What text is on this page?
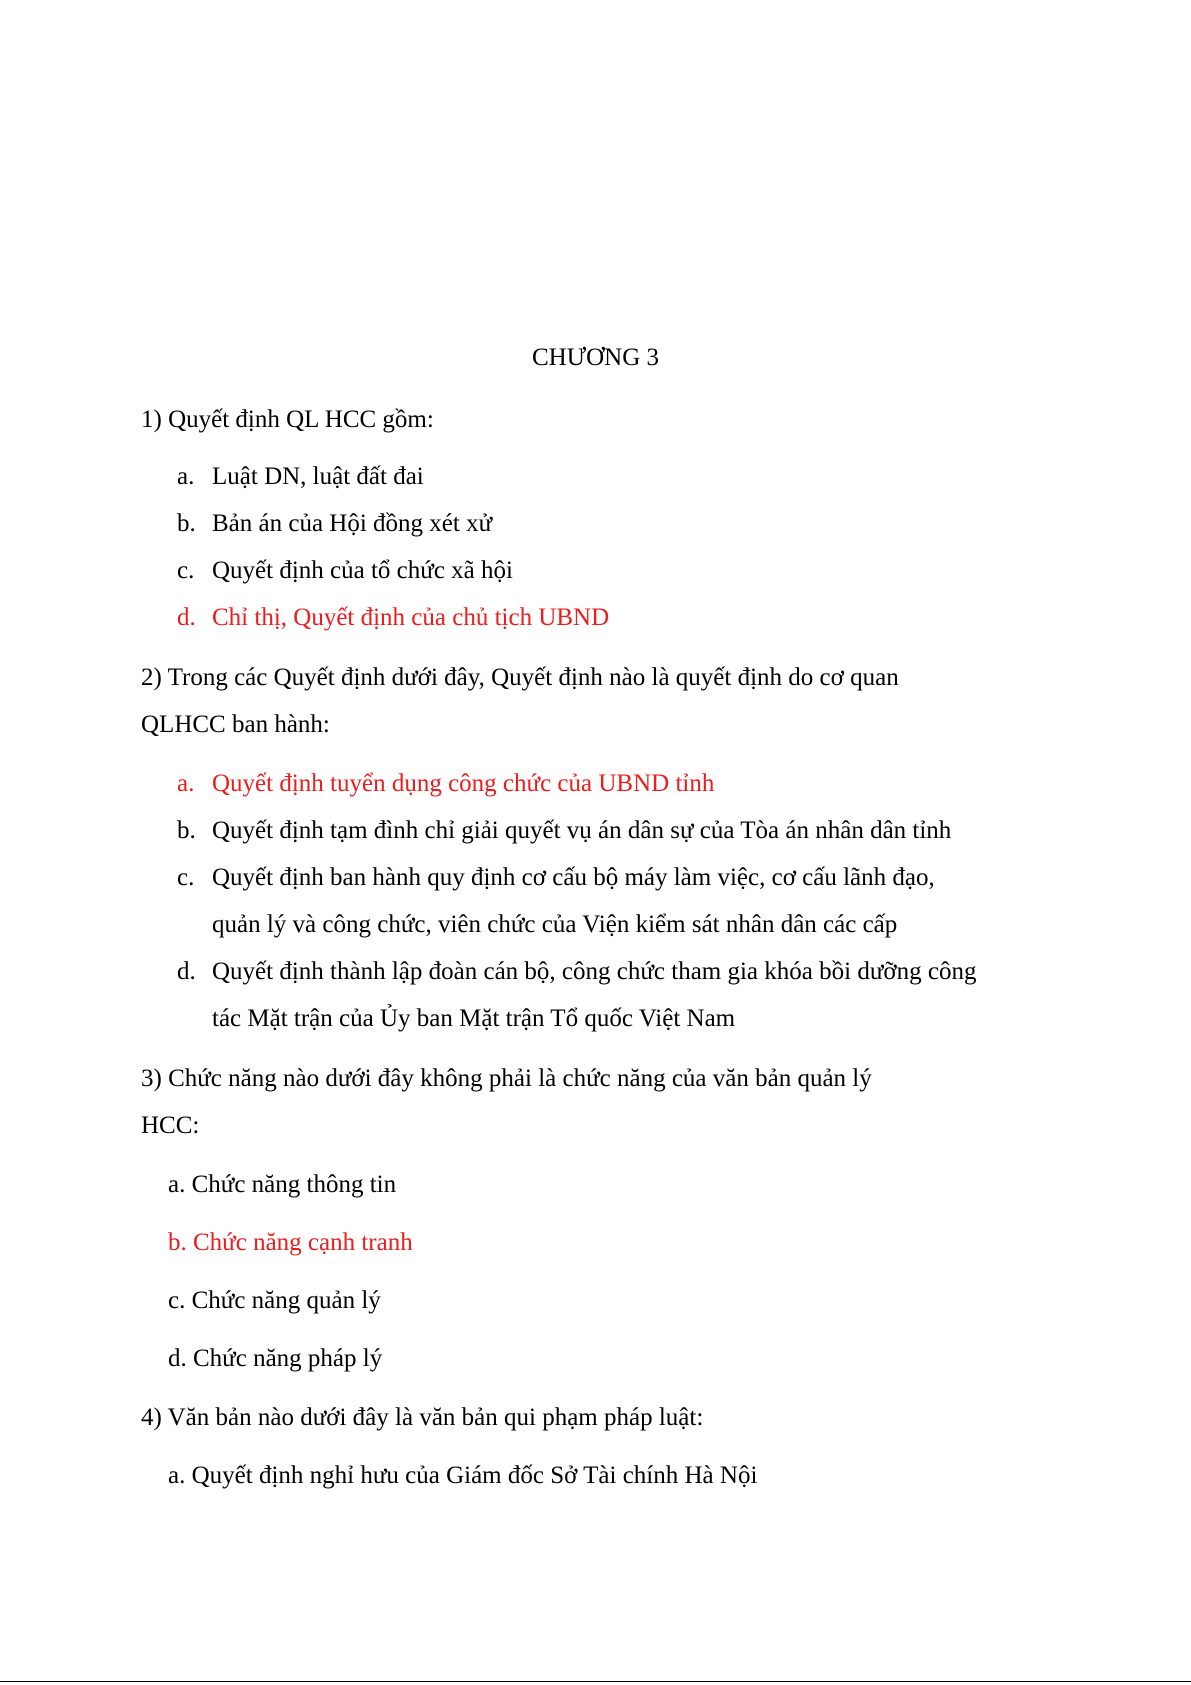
CHƯƠNG 3
1) Quyết định QL HCC gồm:
a. Luật DN, luật đất đai
b. Bản án của Hội đồng xét xử
c. Quyết định của tổ chức xã hội
d. Chỉ thị, Quyết định của chủ tịch UBND
2) Trong các Quyết định dưới đây, Quyết định nào là quyết định do cơ quan
QLHCC ban hành:
a. Quyết định tuyển dụng công chức của UBND tỉnh
b. Quyết định tạm đình chỉ giải quyết vụ án dân sự của Tòa án nhân dân tỉnh
c. Quyết định ban hành quy định cơ cấu bộ máy làm việc, cơ cấu lãnh đạo,
quản lý và công chức, viên chức của Viện kiểm sát nhân dân các cấp
d. Quyết định thành lập đoàn cán bộ, công chức tham gia khóa bồi dưỡng công
tác Mặt trận của Ủy ban Mặt trận Tổ quốc Việt Nam
3) Chức năng nào dưới đây không phải là chức năng của văn bản quản lý
HCC:
a. Chức năng thông tin
b. Chức năng cạnh tranh
c. Chức năng quản lý
d. Chức năng pháp lý
4) Văn bản nào dưới đây là văn bản qui phạm pháp luật:
a. Quyết định nghỉ hưu của Giám đốc Sở Tài chính Hà Nội
